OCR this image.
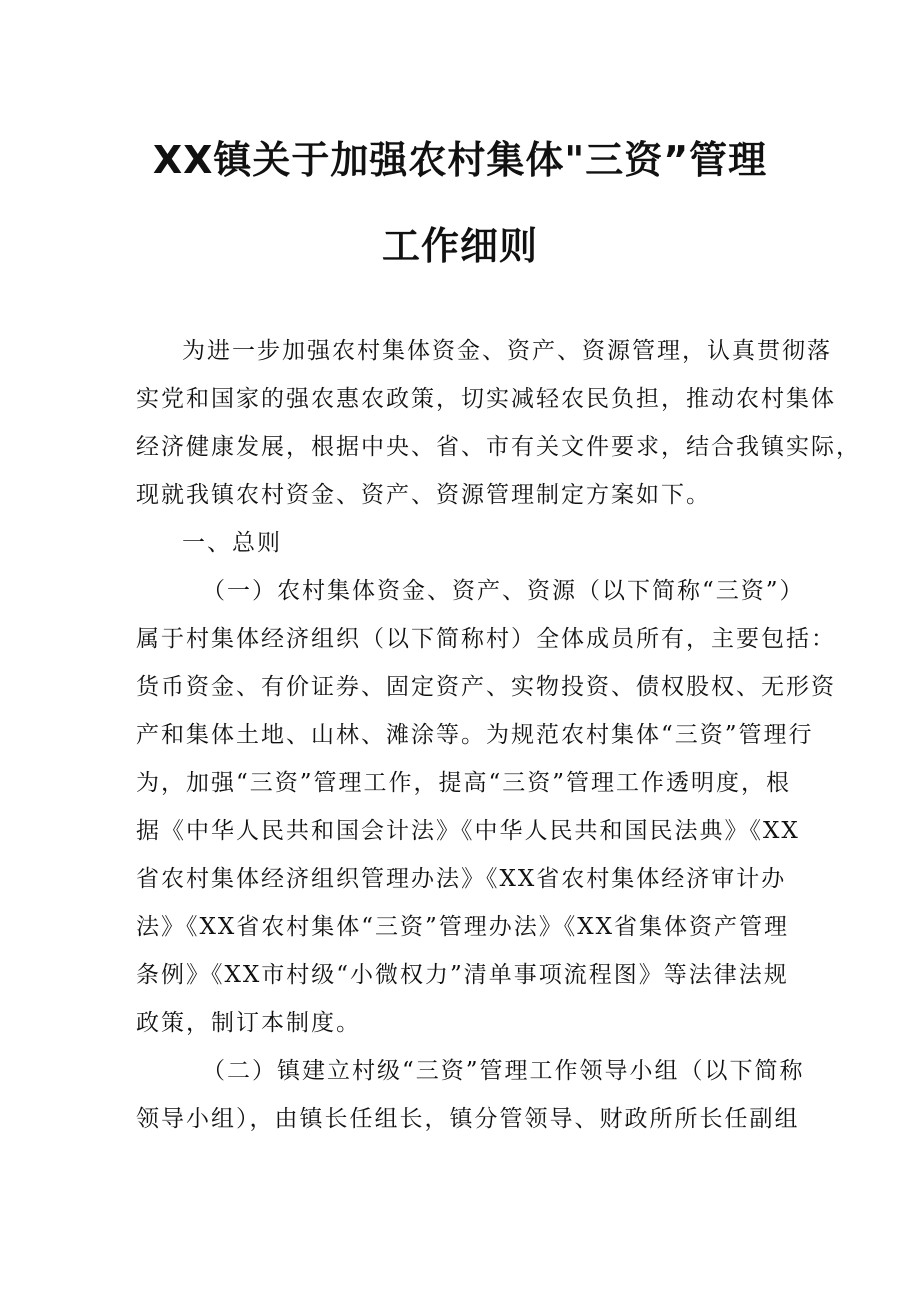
XX镇关于加强农村集体"三资”管理
工作细则
为进一步加强农村集体资金、资产、资源管理，认真贯彻落
实党和国家的强农惠农政策，切实减轻农民负担，推动农村集体
经济健康发展，根据中央、省、市有关文件要求，结合我镇实际，
现就我镇农村资金、资产、资源管理制定方案如下。
一、总则
（一）农村集体资金、资产、资源（以下简称“三资”）
属于村集体经济组织（以下简称村）全体成员所有，主要包括：
货币资金、有价证券、固定资产、实物投资、债权股权、无形资
产和集体土地、山林、滩涂等。为规范农村集体“三资”管理行
为，加强“三资”管理工作，提高“三资”管理工作透明度，根
据《中华人民共和国会计法》《中华人民共和国民法典》《XX
省农村集体经济组织管理办法》《XX省农村集体经济审计办
法》《XX省农村集体“三资”管理办法》《XX省集体资产管理
条例》《XX市村级“小微权力”清单事项流程图》等法律法规
政策，制订本制度。
（二）镇建立村级“三资”管理工作领导小组（以下简称
领导小组），由镇长任组长，镇分管领导、财政所所长任副组
